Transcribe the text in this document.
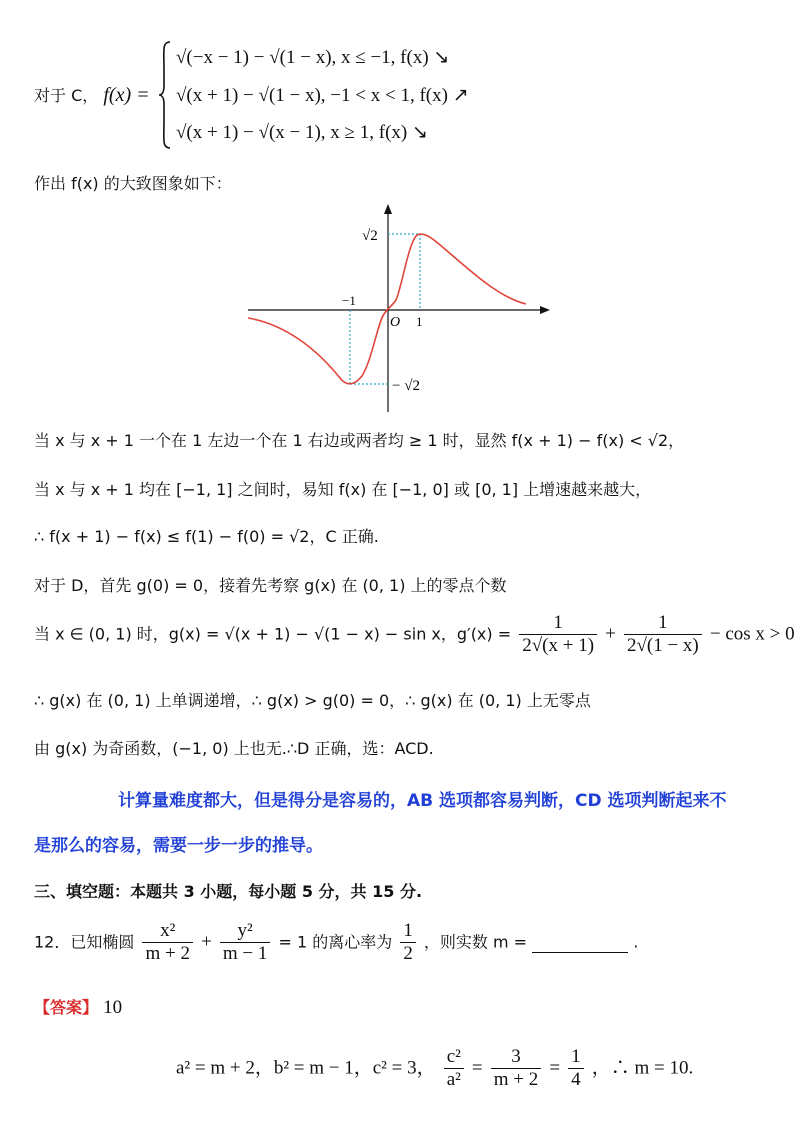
对于 C， f(x) =
√(−x − 1) − √(1 − x), x ≤ −1, f(x) ↘
√(x + 1) − √(1 − x), −1 < x < 1, f(x) ↗
√(x + 1) − √(x − 1), x ≥ 1, f(x) ↘
作出 f(x) 的大致图象如下：
√2
− √2
−1
O 1
当 x 与 x + 1 一个在 1 左边一个在 1 右边或两者均 ≥ 1 时，显然 f(x + 1) − f(x) < √2，
当 x 与 x + 1 均在 [−1, 1] 之间时，易知 f(x) 在 [−1, 0] 或 [0, 1] 上增速越来越大，
∴ f(x + 1) − f(x) ≤ f(1) − f(0) = √2，C 正确.
对于 D，首先 g(0) = 0，接着先考察 g(x) 在 (0, 1) 上的零点个数
当 x ∈ (0, 1) 时，g(x) = √(x + 1) − √(1 − x) − sin x，$g'(x) = \frac{1}{2√(x + 1)} + \frac{1}{2√(1 - x)} - \cos x > 0$
∴ g(x) 在 (0, 1) 上单调递增，∴ g(x) > g(0) = 0，∴ g(x) 在 (0, 1) 上无零点
由 g(x) 为奇函数，(−1, 0) 上也无.∴D 正确，选：ACD.
计算量难度都大，但是得分是容易的，AB 选项都容易判断，CD 选项判断起来不
是那么的容易，需要一步一步的推导。
三、填空题：本题共 3 小题，每小题 5 分，共 15 分.
12．已知椭圆 $\frac{\text{x²}}{m + 2} + \frac{\text{y²}}{m - 1} = 1$ 的离心率为 $\frac{1}{2}$ ，则实数 m =	.
【答案】 10
a² = m + 2，b² = m − 1，c² = 3， $\frac{\text{c²}}{\text{a²}} = \frac{3}{m + 2} = \frac{1}{4}$ ，∴ m = 10.
